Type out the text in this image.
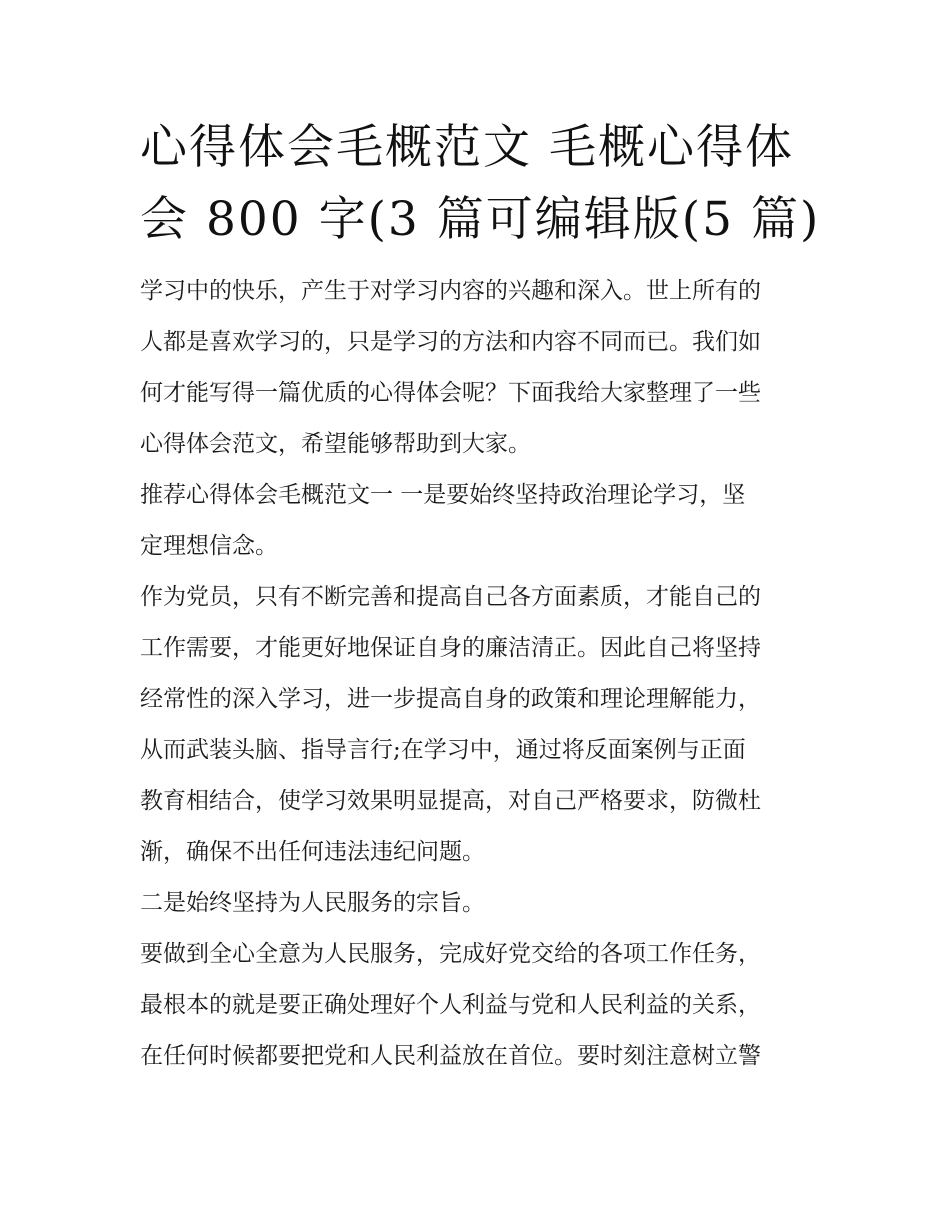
心得体会毛概范文 毛概心得体
会 800 字(3 篇可编辑版(5 篇)

学习中的快乐，产生于对学习内容的兴趣和深入。世上所有的
人都是喜欢学习的，只是学习的方法和内容不同而已。我们如
何才能写得一篇优质的心得体会呢？下面我给大家整理了一些
心得体会范文，希望能够帮助到大家。

推荐心得体会毛概范文一 一是要始终坚持政治理论学习，坚
定理想信念。

作为党员，只有不断完善和提高自己各方面素质，才能自己的
工作需要，才能更好地保证自身的廉洁清正。因此自己将坚持
经常性的深入学习，进一步提高自身的政策和理论理解能力，
从而武装头脑、指导言行;在学习中，通过将反面案例与正面
教育相结合，使学习效果明显提高，对自己严格要求，防微杜
渐，确保不出任何违法违纪问题。

二是始终坚持为人民服务的宗旨。

要做到全心全意为人民服务，完成好党交给的各项工作任务，
最根本的就是要正确处理好个人利益与党和人民利益的关系，
在任何时候都要把党和人民利益放在首位。要时刻注意树立警
